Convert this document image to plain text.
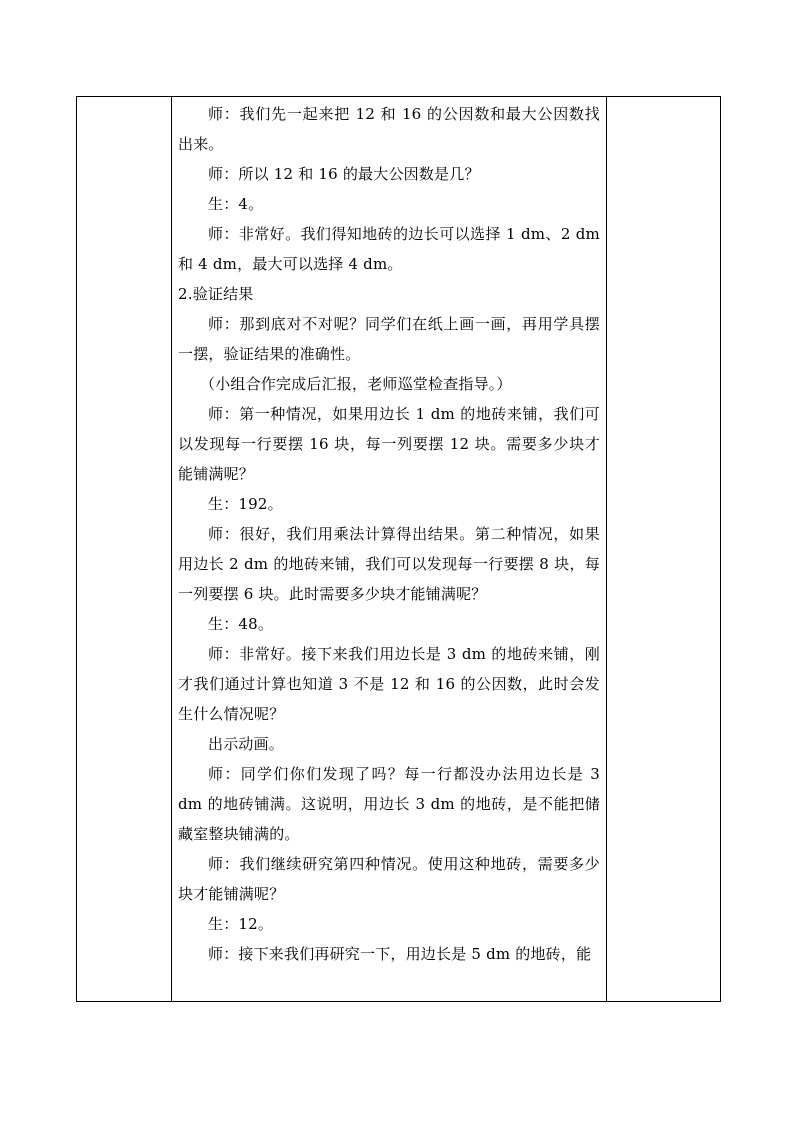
师：我们先一起来把 12 和 16 的公因数和最大公因数找出来。

师：所以 12 和 16 的最大公因数是几？

生：4。

师：非常好。我们得知地砖的边长可以选择 1 dm、2 dm 和 4 dm，最大可以选择 4 dm。

2.验证结果

师：那到底对不对呢？同学们在纸上画一画，再用学具摆一摆，验证结果的准确性。

（小组合作完成后汇报，老师巡堂检查指导。）

师：第一种情况，如果用边长 1 dm 的地砖来铺，我们可以发现每一行要摆 16 块，每一列要摆 12 块。需要多少块才能铺满呢？

生：192。

师：很好，我们用乘法计算得出结果。第二种情况，如果用边长 2 dm 的地砖来铺，我们可以发现每一行要摆 8 块，每一列要摆 6 块。此时需要多少块才能铺满呢？

生：48。

师：非常好。接下来我们用边长是 3 dm 的地砖来铺，刚才我们通过计算也知道 3 不是 12 和 16 的公因数，此时会发生什么情况呢？

出示动画。

师：同学们你们发现了吗？每一行都没办法用边长是 3 dm 的地砖铺满。这说明，用边长 3 dm 的地砖，是不能把储藏室整块铺满的。

师：我们继续研究第四种情况。使用这种地砖，需要多少块才能铺满呢？

生：12。

师：接下来我们再研究一下，用边长是 5 dm 的地砖，能
